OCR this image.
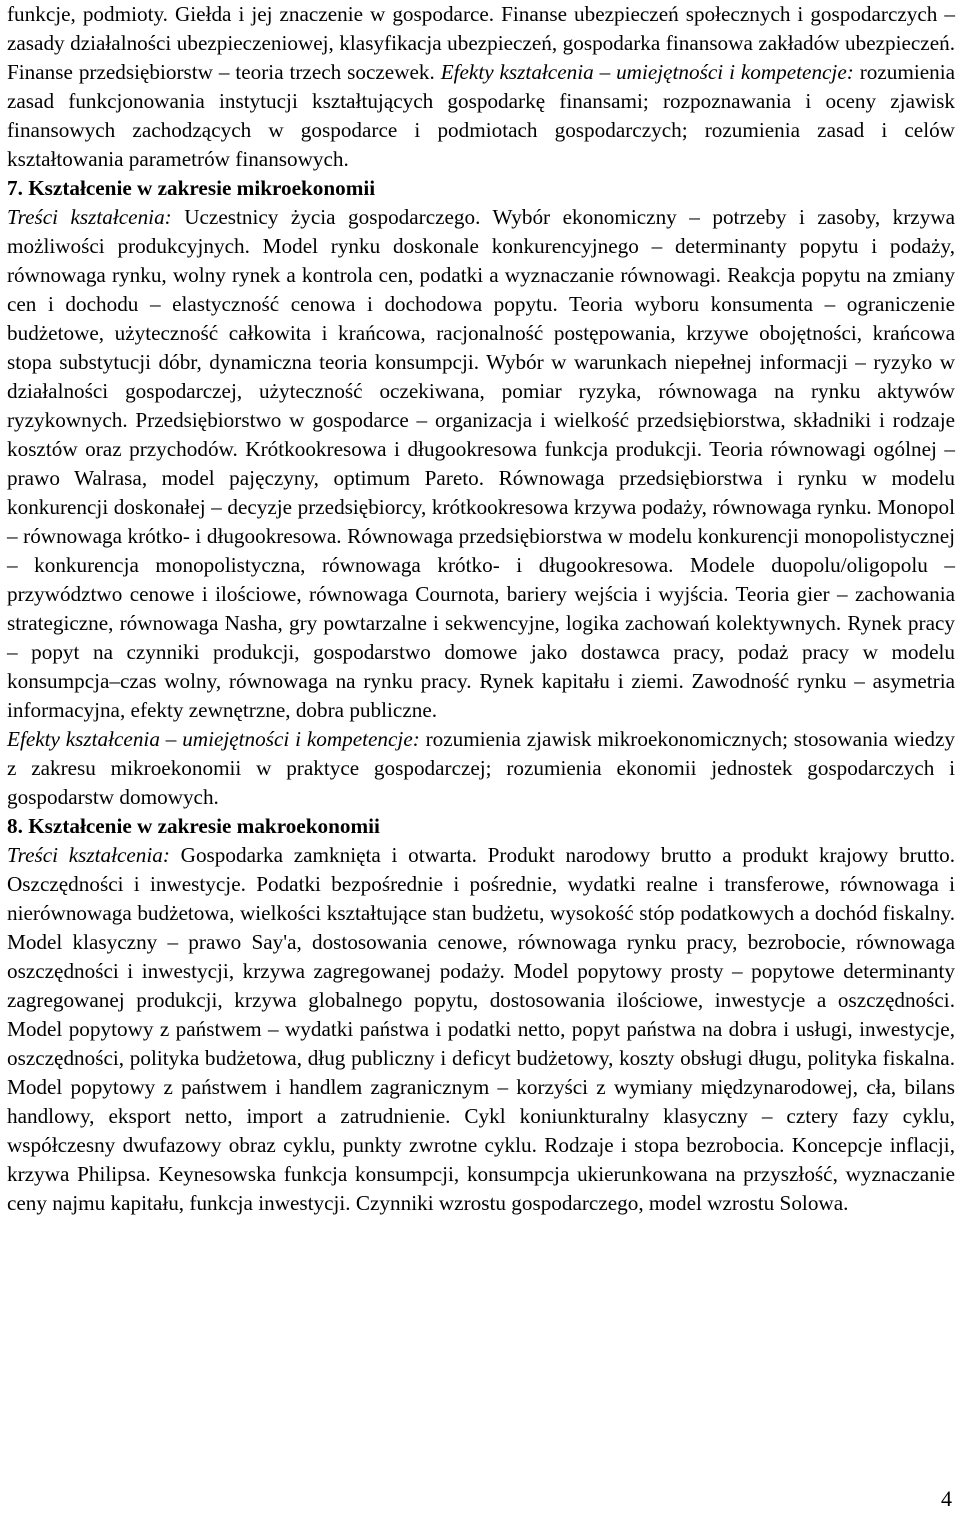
funkcje, podmioty. Giełda i jej znaczenie w gospodarce. Finanse ubezpieczeń społecznych i gospodarczych – zasady działalności ubezpieczeniowej, klasyfikacja ubezpieczeń, gospodarka finansowa zakładów ubezpieczeń. Finanse przedsiębiorstw – teoria trzech soczewek. Efekty kształcenia – umiejętności i kompetencje: rozumienia zasad funkcjonowania instytucji kształtujących gospodarkę finansami; rozpoznawania i oceny zjawisk finansowych zachodzących w gospodarce i podmiotach gospodarczych; rozumienia zasad i celów kształtowania parametrów finansowych.

7. Kształcenie w zakresie mikroekonomii

Treści kształcenia: Uczestnicy życia gospodarczego. Wybór ekonomiczny – potrzeby i zasoby, krzywa możliwości produkcyjnych. Model rynku doskonale konkurencyjnego – determinanty popytu i podaży, równowaga rynku, wolny rynek a kontrola cen, podatki a wyznaczanie równowagi. Reakcja popytu na zmiany cen i dochodu – elastyczność cenowa i dochodowa popytu. Teoria wyboru konsumenta – ograniczenie budżetowe, użyteczność całkowita i krańcowa, racjonalność postępowania, krzywe obojętności, krańcowa stopa substytucji dóbr, dynamiczna teoria konsumpcji. Wybór w warunkach niepełnej informacji – ryzyko w działalności gospodarczej, użyteczność oczekiwana, pomiar ryzyka, równowaga na rynku aktywów ryzykownych. Przedsiębiorstwo w gospodarce – organizacja i wielkość przedsiębiorstwa, składniki i rodzaje kosztów oraz przychodów. Krótkookresowa i długookresowa funkcja produkcji. Teoria równowagi ogólnej – prawo Walrasa, model pajęczyny, optimum Pareto. Równowaga przedsiębiorstwa i rynku w modelu konkurencji doskonałej – decyzje przedsiębiorcy, krótkookresowa krzywa podaży, równowaga rynku. Monopol – równowaga krótko- i długookresowa. Równowaga przedsiębiorstwa w modelu konkurencji monopolistycznej – konkurencja monopolistyczna, równowaga krótko- i długookresowa. Modele duopolu/oligopolu – przywództwo cenowe i ilościowe, równowaga Cournota, bariery wejścia i wyjścia. Teoria gier – zachowania strategiczne, równowaga Nasha, gry powtarzalne i sekwencyjne, logika zachowań kolektywnych. Rynek pracy – popyt na czynniki produkcji, gospodarstwo domowe jako dostawca pracy, podaż pracy w modelu konsumpcja–czas wolny, równowaga na rynku pracy. Rynek kapitału i ziemi. Zawodność rynku – asymetria informacyjna, efekty zewnętrzne, dobra publiczne.

Efekty kształcenia – umiejętności i kompetencje: rozumienia zjawisk mikroekonomicznych; stosowania wiedzy z zakresu mikroekonomii w praktyce gospodarczej; rozumienia ekonomii jednostek gospodarczych i gospodarstw domowych.

8. Kształcenie w zakresie makroekonomii

Treści kształcenia: Gospodarka zamknięta i otwarta. Produkt narodowy brutto a produkt krajowy brutto. Oszczędności i inwestycje. Podatki bezpośrednie i pośrednie, wydatki realne i transferowe, równowaga i nierównowaga budżetowa, wielkości kształtujące stan budżetu, wysokość stóp podatkowych a dochód fiskalny. Model klasyczny – prawo Say'a, dostosowania cenowe, równowaga rynku pracy, bezrobocie, równowaga oszczędności i inwestycji, krzywa zagregowanej podaży. Model popytowy prosty – popytowe determinanty zagregowanej produkcji, krzywa globalnego popytu, dostosowania ilościowe, inwestycje a oszczędności. Model popytowy z państwem – wydatki państwa i podatki netto, popyt państwa na dobra i usługi, inwestycje, oszczędności, polityka budżetowa, dług publiczny i deficyt budżetowy, koszty obsługi długu, polityka fiskalna. Model popytowy z państwem i handlem zagranicznym – korzyści z wymiany międzynarodowej, cła, bilans handlowy, eksport netto, import a zatrudnienie. Cykl koniunkturalny klasyczny – cztery fazy cyklu, współczesny dwufazowy obraz cyklu, punkty zwrotne cyklu. Rodzaje i stopa bezrobocia. Koncepcje inflacji, krzywa Philipsa. Keynesowska funkcja konsumpcji, konsumpcja ukierunkowana na przyszłość, wyznaczanie ceny najmu kapitału, funkcja inwestycji. Czynniki wzrostu gospodarczego, model wzrostu Solowa.

4
